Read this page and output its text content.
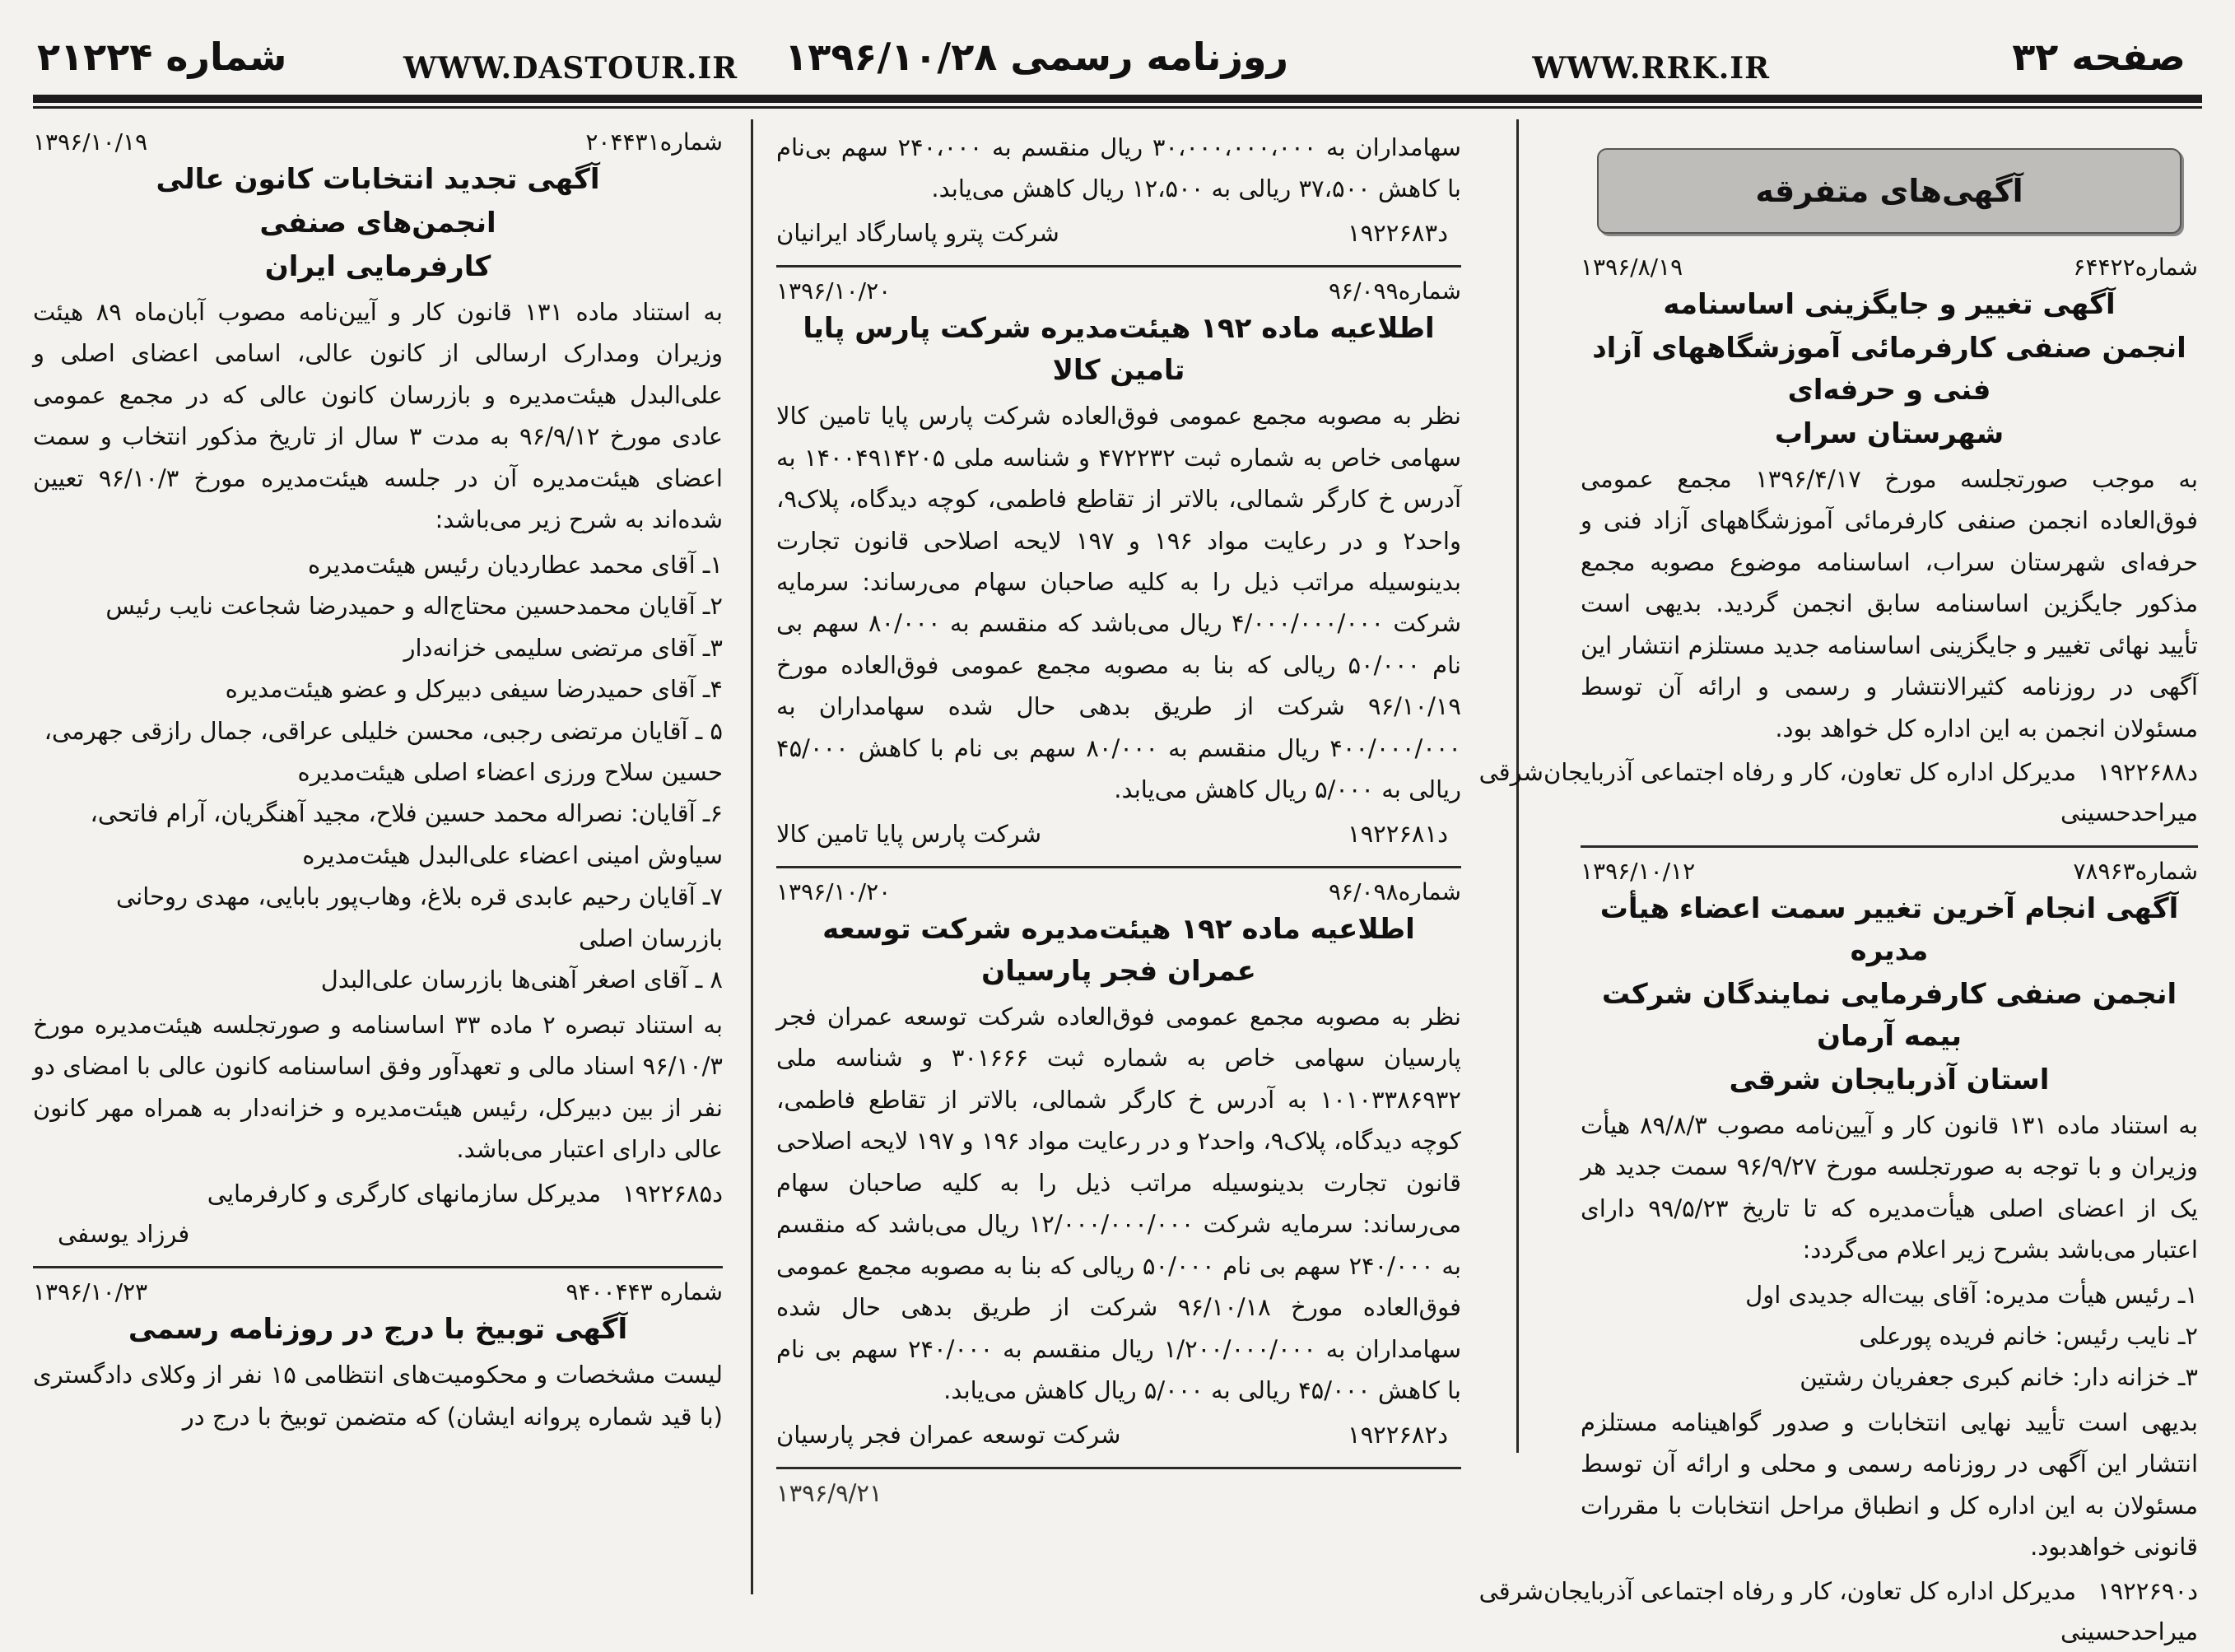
صفحه ۳۲
WWW.RRK.IR
روزنامه رسمی ۱۳۹۶/۱۰/۲۸
WWW.DASTOUR.IR
شماره ۲۱۲۲۴
آگهی‌های متفرقه
شماره۶۴۴۲۲
۱۳۹۶/۸/۱۹
آگهی تغییر و جایگزینی اساسنامه
انجمن صنفی کارفرمائی آموزشگاههای آزاد فنی و حرفه‌ای
شهرستان سراب
به موجب صورتجلسه مورخ ۱۳۹۶/۴/۱۷ مجمع عمومی فوق‌العاده انجمن صنفی کارفرمائی آموزشگاههای آزاد فنی و حرفه‌ای شهرستان سراب، اساسنامه موضوع مصوبه مجمع مذکور جایگزین اساسنامه سابق انجمن گردید. بدیهی است تأیید نهائی تغییر و جایگزینی اساسنامه جدید مستلزم انتشار این آگهی در روزنامه کثیرالانتشار و رسمی و ارائه آن توسط مسئولان انجمن به این اداره کل خواهد بود.
د۱۹۲۲۶۸۸
مدیرکل اداره کل تعاون، کار و رفاه اجتماعی آذربایجان‌شرقی
میراحدحسینی
شماره۷۸۹۶۳
۱۳۹۶/۱۰/۱۲
آگهی انجام آخرین تغییر سمت اعضاء هیأت مدیره
انجمن صنفی کارفرمایی نمایندگان شرکت بیمه آرمان
استان آذربایجان شرقی
به استناد ماده ۱۳۱ قانون کار و آیین‌نامه مصوب ۸۹/۸/۳ هیأت وزیران و با توجه به صورتجلسه مورخ ۹۶/۹/۲۷ سمت جدید هر یک از اعضای اصلی هیأت‌مدیره که تا تاریخ ۹۹/۵/۲۳ دارای اعتبار می‌باشد بشرح زیر اعلام می‌گردد:
۱ـ رئیس هیأت مدیره: آقای بیت‌اله جدیدی اول
۲ـ نایب رئیس: خانم فریده پورعلی
۳ـ خزانه دار: خانم کبری جعفریان رشتین
بدیهی است تأیید نهایی انتخابات و صدور گواهینامه مستلزم انتشار این آگهی در روزنامه رسمی و محلی و ارائه آن توسط مسئولان به این اداره کل و انطباق مراحل انتخابات با مقررات قانونی خواهدبود.
د۱۹۲۲۶۹۰
مدیرکل اداره کل تعاون، کار و رفاه اجتماعی آذربایجان‌شرقی
میراحدحسینی
سهامداران به ۳۰،۰۰۰،۰۰۰،۰۰۰ ریال منقسم به ۲۴۰،۰۰۰ سهم بی‌نام با کاهش ۳۷،۵۰۰ ریالی به ۱۲،۵۰۰ ریال کاهش می‌یابد.
د۱۹۲۲۶۸۳
شرکت پترو پاسارگاد ایرانیان
شماره۹۶/۰۹۹
۱۳۹۶/۱۰/۲۰
اطلاعیه ماده ۱۹۲ هیئت‌مدیره شرکت پارس پایا تامین کالا
نظر به مصوبه مجمع عمومی فوق‌العاده شرکت پارس پایا تامین کالا سهامی خاص به شماره ثبت ۴۷۲۲۳۲ و شناسه ملی ۱۴۰۰۴۹۱۴۲۰۵ به آدرس خ کارگر شمالی، بالاتر از تقاطع فاطمی، کوچه دیدگاه، پلاک۹، واحد۲ و در رعایت مواد ۱۹۶ و ۱۹۷ لایحه اصلاحی قانون تجارت بدینوسیله مراتب ذیل را به کلیه صاحبان سهام می‌رساند: سرمایه شرکت ۴/۰۰۰/۰۰۰/۰۰۰ ریال می‌باشد که منقسم به ۸۰/۰۰۰ سهم بی نام ۵۰/۰۰۰ ریالی که بنا به مصوبه مجمع عمومی فوق‌العاده مورخ ۹۶/۱۰/۱۹ شرکت از طریق بدهی حال شده سهامداران به ۴۰۰/۰۰۰/۰۰۰ ریال منقسم به ۸۰/۰۰۰ سهم بی نام با کاهش ۴۵/۰۰۰ ریالی به ۵/۰۰۰ ریال کاهش می‌یابد.
د۱۹۲۲۶۸۱
شرکت پارس پایا تامین کالا
شماره۹۶/۰۹۸
۱۳۹۶/۱۰/۲۰
اطلاعیه ماده ۱۹۲ هیئت‌مدیره شرکت توسعه عمران فجر پارسیان
نظر به مصوبه مجمع عمومی فوق‌العاده شرکت توسعه عمران فجر پارسیان سهامی خاص به شماره ثبت ۳۰۱۶۶۶ و شناسه ملی ۱۰۱۰۳۳۸۶۹۳۲ به آدرس خ کارگر شمالی، بالاتر از تقاطع فاطمی، کوچه دیدگاه، پلاک۹، واحد۲ و در رعایت مواد ۱۹۶ و ۱۹۷ لایحه اصلاحی قانون تجارت بدینوسیله مراتب ذیل را به کلیه صاحبان سهام می‌رساند: سرمایه شرکت ۱۲/۰۰۰/۰۰۰/۰۰۰ ریال می‌باشد که منقسم به ۲۴۰/۰۰۰ سهم بی نام ۵۰/۰۰۰ ریالی که بنا به مصوبه مجمع عمومی فوق‌العاده مورخ ۹۶/۱۰/۱۸ شرکت از طریق بدهی حال شده سهامداران به ۱/۲۰۰/۰۰۰/۰۰۰ ریال منقسم به ۲۴۰/۰۰۰ سهم بی نام با کاهش ۴۵/۰۰۰ ریالی به ۵/۰۰۰ ریال کاهش می‌یابد.
د۱۹۲۲۶۸۲
شرکت توسعه عمران فجر پارسیان
۱۳۹۶/۹/۲۱
شماره۲۰۴۴۳۱
۱۳۹۶/۱۰/۱۹
آگهی تجدید انتخابات کانون عالی
انجمن‌های صنفی
کارفرمایی ایران
به استناد ماده ۱۳۱ قانون کار و آیین‌نامه مصوب آبان‌ماه ۸۹ هیئت وزیران ومدارک ارسالی از کانون عالی، اسامی اعضای اصلی و علی‌البدل هیئت‌مدیره و بازرسان کانون عالی که در مجمع عمومی عادی مورخ ۹۶/۹/۱۲ به مدت ۳ سال از تاریخ مذکور انتخاب و سمت اعضای هیئت‌مدیره آن در جلسه هیئت‌مدیره مورخ ۹۶/۱۰/۳ تعیین شده‌اند به شرح زیر می‌باشد:
۱ـ آقای محمد عطاردیان رئیس هیئت‌مدیره
۲ـ آقایان محمدحسین محتاج‌اله و حمیدرضا شجاعت نایب رئیس
۳ـ آقای مرتضی سلیمی خزانه‌دار
۴ـ آقای حمیدرضا سیفی دبیرکل و عضو هیئت‌مدیره
۵ ـ آقایان مرتضی رجبی، محسن خلیلی عراقی، جمال رازقی جهرمی، حسین سلاح ورزی اعضاء اصلی هیئت‌مدیره
۶ـ آقایان: نصراله محمد حسین فلاح، مجید آهنگریان، آرام فاتحی، سیاوش امینی اعضاء علی‌البدل هیئت‌مدیره
۷ـ آقایان رحیم عابدی قره بلاغ، وهاب‌پور بابایی، مهدی روحانی بازرسان اصلی
۸ ـ آقای اصغر آهنی‌ها بازرسان علی‌البدل
به استناد تبصره ۲ ماده ۳۳ اساسنامه و صورتجلسه هیئت‌مدیره مورخ ۹۶/۱۰/۳ اسناد مالی و تعهدآور وفق اساسنامه کانون عالی با امضای دو نفر از بین دبیرکل، رئیس هیئت‌مدیره و خزانه‌دار به همراه مهر کانون عالی دارای اعتبار می‌باشد.
د۱۹۲۲۶۸۵
مدیرکل سازمانهای کارگری و کارفرمایی
فرزاد یوسفی
شماره ۹۴۰۰۴۴۳
۱۳۹۶/۱۰/۲۳
آگهی توبیخ با درج در روزنامه رسمی
لیست مشخصات و محکومیت‌های انتظامی ۱۵ نفر از وکلای دادگستری (با قید شماره پروانه ایشان) که متضمن توبیخ با درج در
